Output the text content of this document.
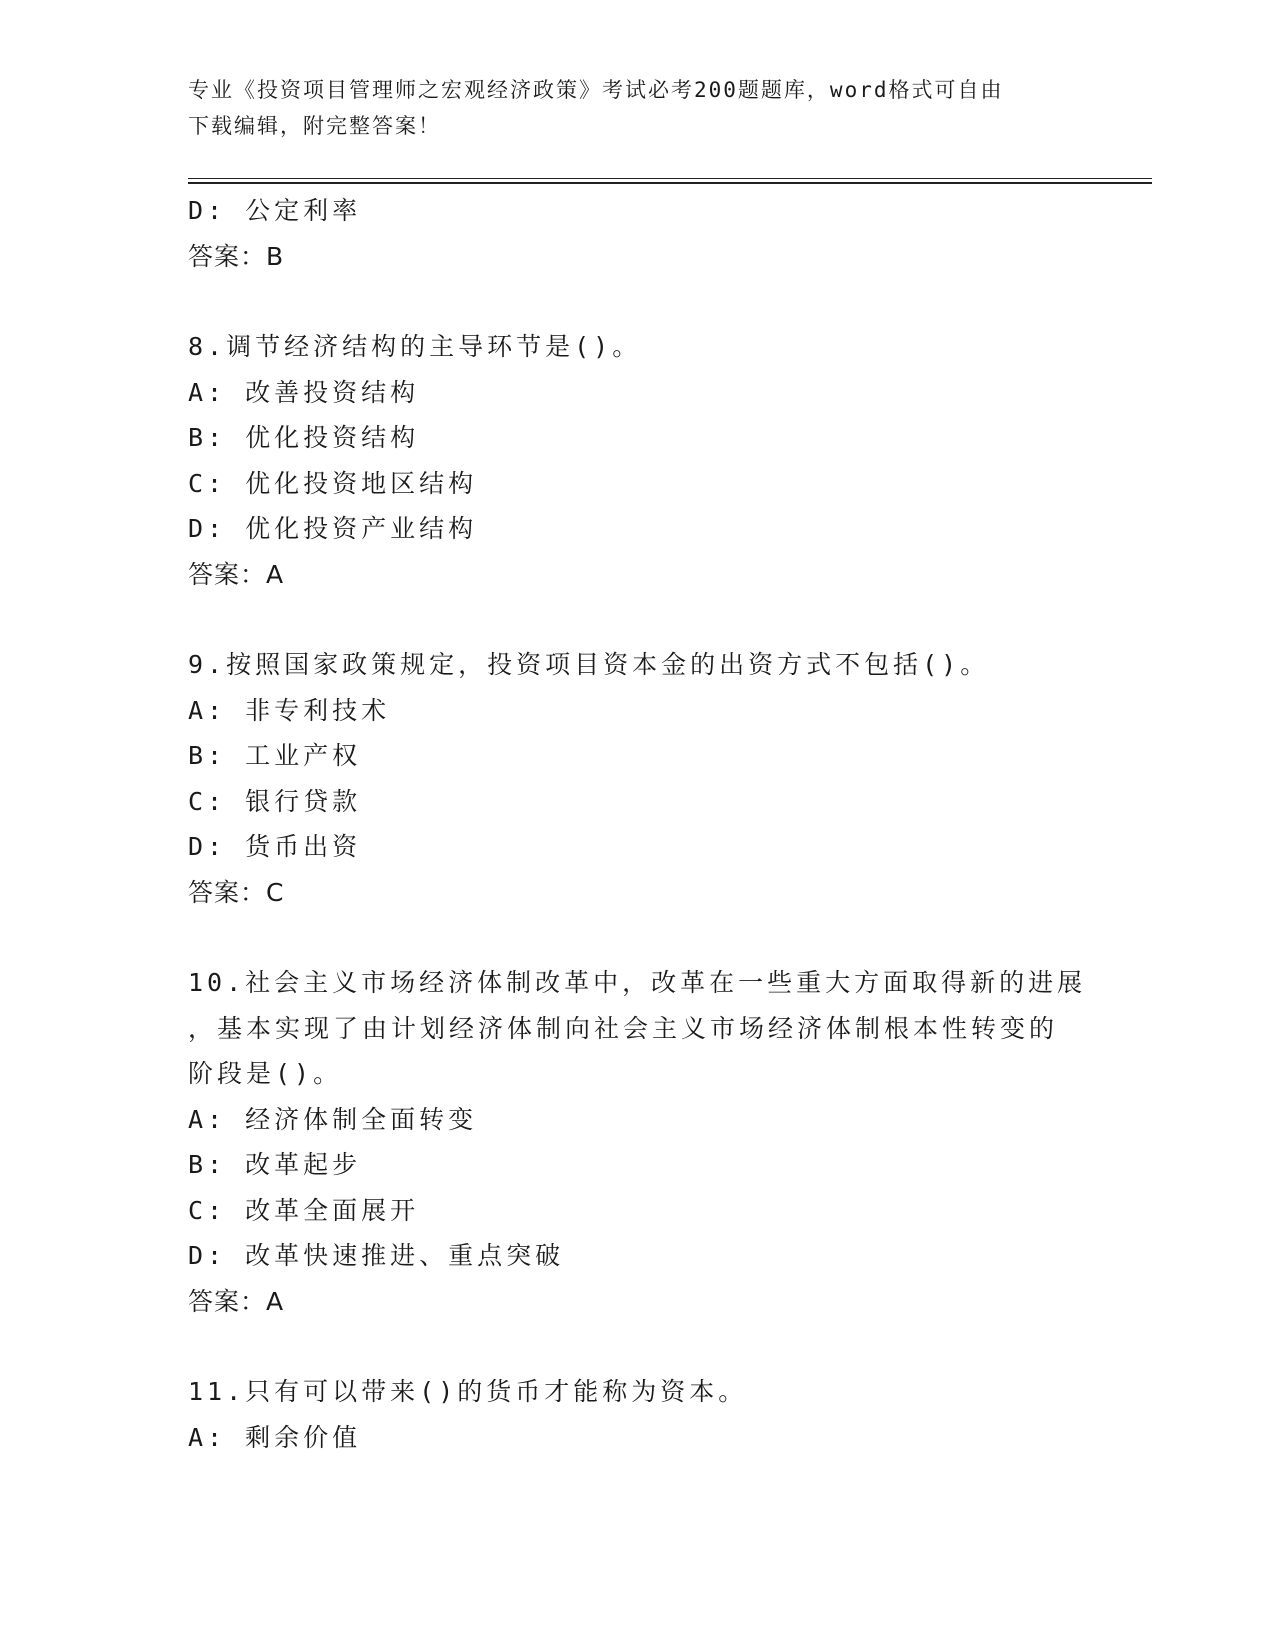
专业《投资项目管理师之宏观经济政策》考试必考200题题库，word格式可自由
下载编辑，附完整答案！
D: 公定利率
答案：B
8.调节经济结构的主导环节是()。
A: 改善投资结构
B: 优化投资结构
C: 优化投资地区结构
D: 优化投资产业结构
答案：A
9.按照国家政策规定，投资项目资本金的出资方式不包括()。
A: 非专利技术
B: 工业产权
C: 银行贷款
D: 货币出资
答案：C
10.社会主义市场经济体制改革中，改革在一些重大方面取得新的进展
，基本实现了由计划经济体制向社会主义市场经济体制根本性转变的
阶段是()。
A: 经济体制全面转变
B: 改革起步
C: 改革全面展开
D: 改革快速推进、重点突破
答案：A
11.只有可以带来()的货币才能称为资本。
A: 剩余价值
